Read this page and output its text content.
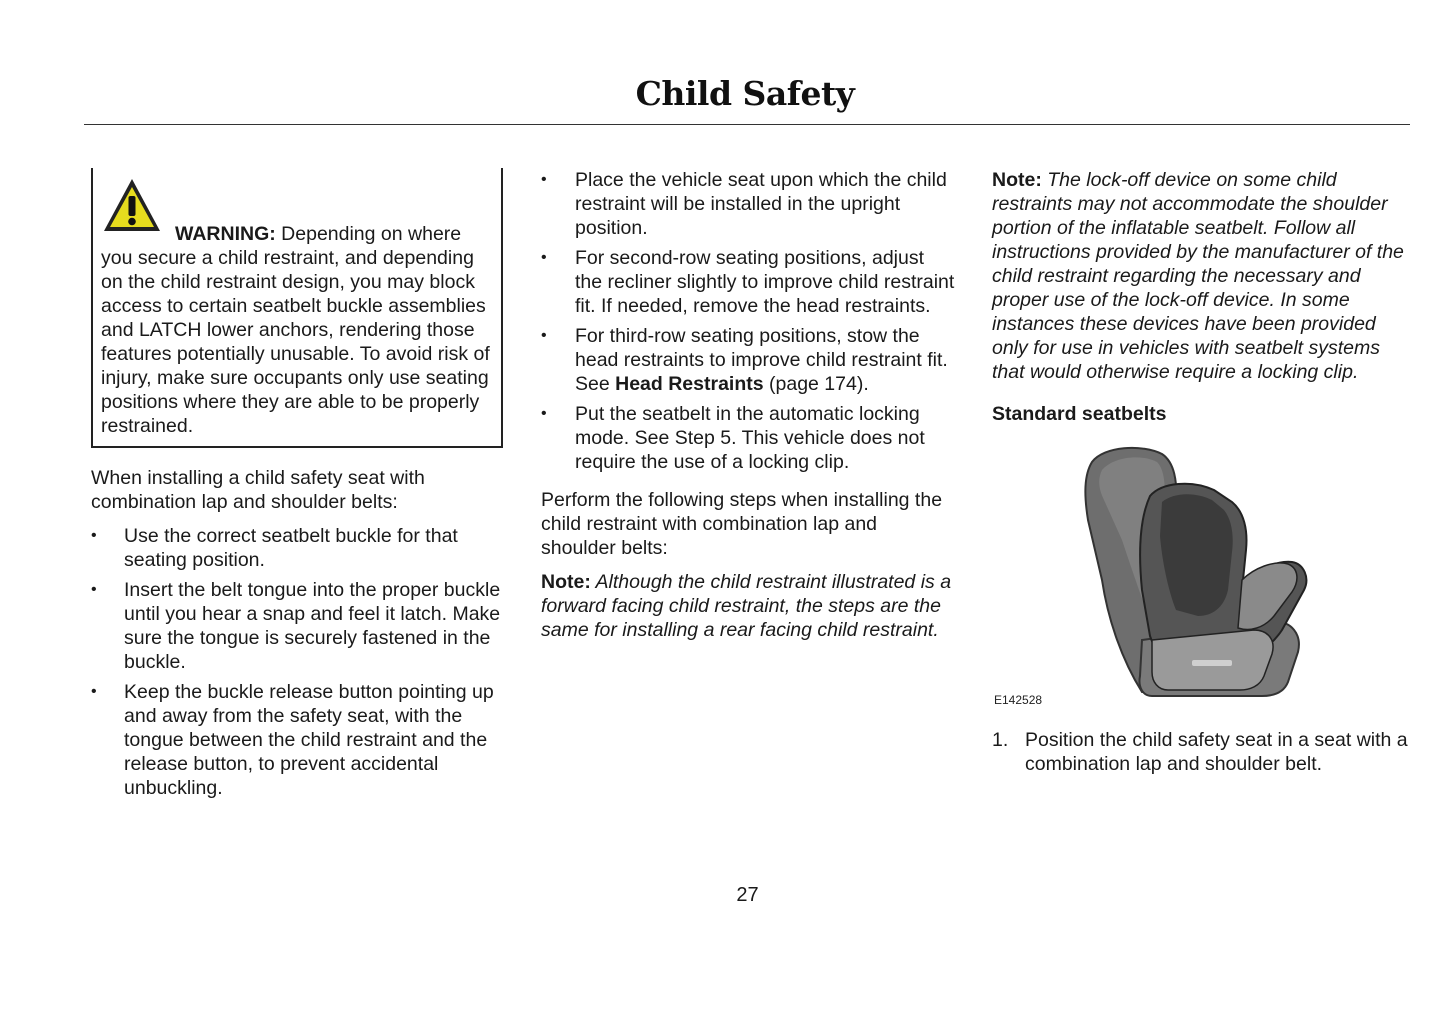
Child Safety
WARNING: Depending on where
you secure a child restraint, and depending on the child restraint design, you may block access to certain seatbelt buckle assemblies and LATCH lower anchors, rendering those features potentially unusable. To avoid risk of injury, make sure occupants only use seating positions where they are able to be properly restrained.

When installing a child safety seat with combination lap and shoulder belts:

• Use the correct seatbelt buckle for that seating position.
• Insert the belt tongue into the proper buckle until you hear a snap and feel it latch. Make sure the tongue is securely fastened in the buckle.
• Keep the buckle release button pointing up and away from the safety seat, with the tongue between the child restraint and the release button, to prevent accidental unbuckling.
• Place the vehicle seat upon which the child restraint will be installed in the upright position.
• For second-row seating positions, adjust the recliner slightly to improve child restraint fit. If needed, remove the head restraints.
• For third-row seating positions, stow the head restraints to improve child restraint fit. See Head Restraints (page 174).
• Put the seatbelt in the automatic locking mode. See Step 5. This vehicle does not require the use of a locking clip.

Perform the following steps when installing the child restraint with combination lap and shoulder belts:

Note: Although the child restraint illustrated is a forward facing child restraint, the steps are the same for installing a rear facing child restraint.

Note: The lock-off device on some child restraints may not accommodate the shoulder portion of the inflatable seatbelt. Follow all instructions provided by the manufacturer of the child restraint regarding the necessary and proper use of the lock-off device. In some instances these devices have been provided only for use in vehicles with seatbelt systems that would otherwise require a locking clip.

Standard seatbelts
E142528
1. Position the child safety seat in a seat with a combination lap and shoulder belt.
27
